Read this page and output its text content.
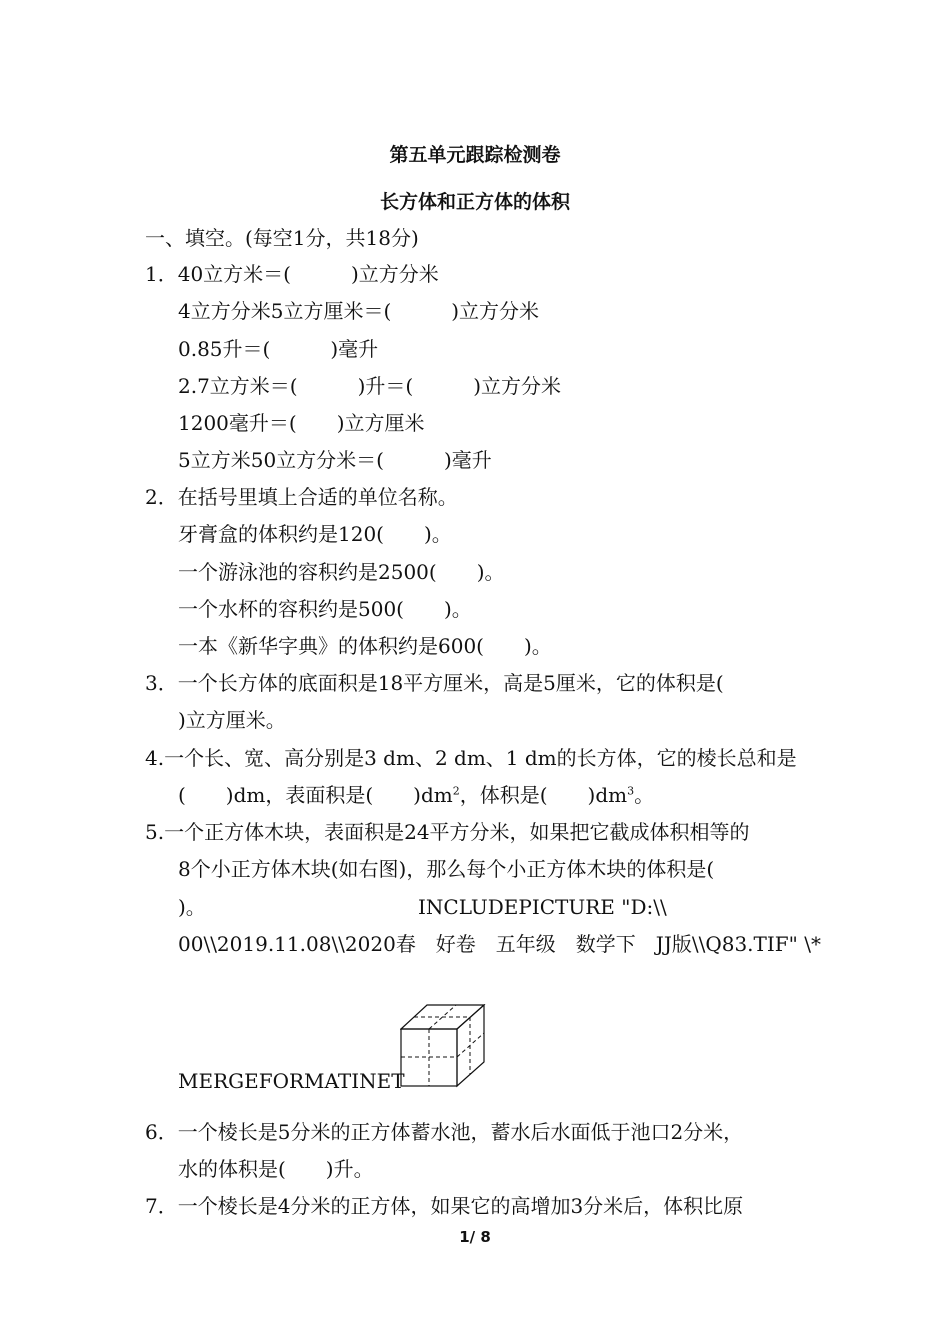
第五单元跟踪检测卷
长方体和正方体的体积
一、填空。(每空1分，共18分)
1．40立方米＝(　　　)立方分米
4立方分米5立方厘米＝(　　　)立方分米
0.85升＝(　　　)毫升
2.7立方米＝(　　　)升＝(　　　)立方分米
1200毫升＝(　　)立方厘米
5立方米50立方分米＝(　　　)毫升
2．在括号里填上合适的单位名称。
牙膏盒的体积约是120(　　)。
一个游泳池的容积约是2500(　　)。
一个水杯的容积约是500(　　)。
一本《新华字典》的体积约是600(　　)。
3．一个长方体的底面积是18平方厘米，高是5厘米，它的体积是(
)立方厘米。
4.一个长、宽、高分别是3 dm、2 dm、1 dm的长方体，它的棱长总和是
(　　)dm，表面积是(　　)$dm^2$，体积是(　　)$dm^3$。
5.一个正方体木块，表面积是24平方分米，如果把它截成体积相等的
8个小正方体木块(如右图)，那么每个小正方体木块的体积是(
)。	INCLUDEPICTURE "D:\\
00\\2019.11.08\\2020春　好卷　五年级　数学下　JJ版\\Q83.TIF" \*
MERGEFORMATINET
6．一个棱长是5分米的正方体蓄水池，蓄水后水面低于池口2分米，
水的体积是(　　)升。
7．一个棱长是4分米的正方体，如果它的高增加3分米后，体积比原
1/ 8
